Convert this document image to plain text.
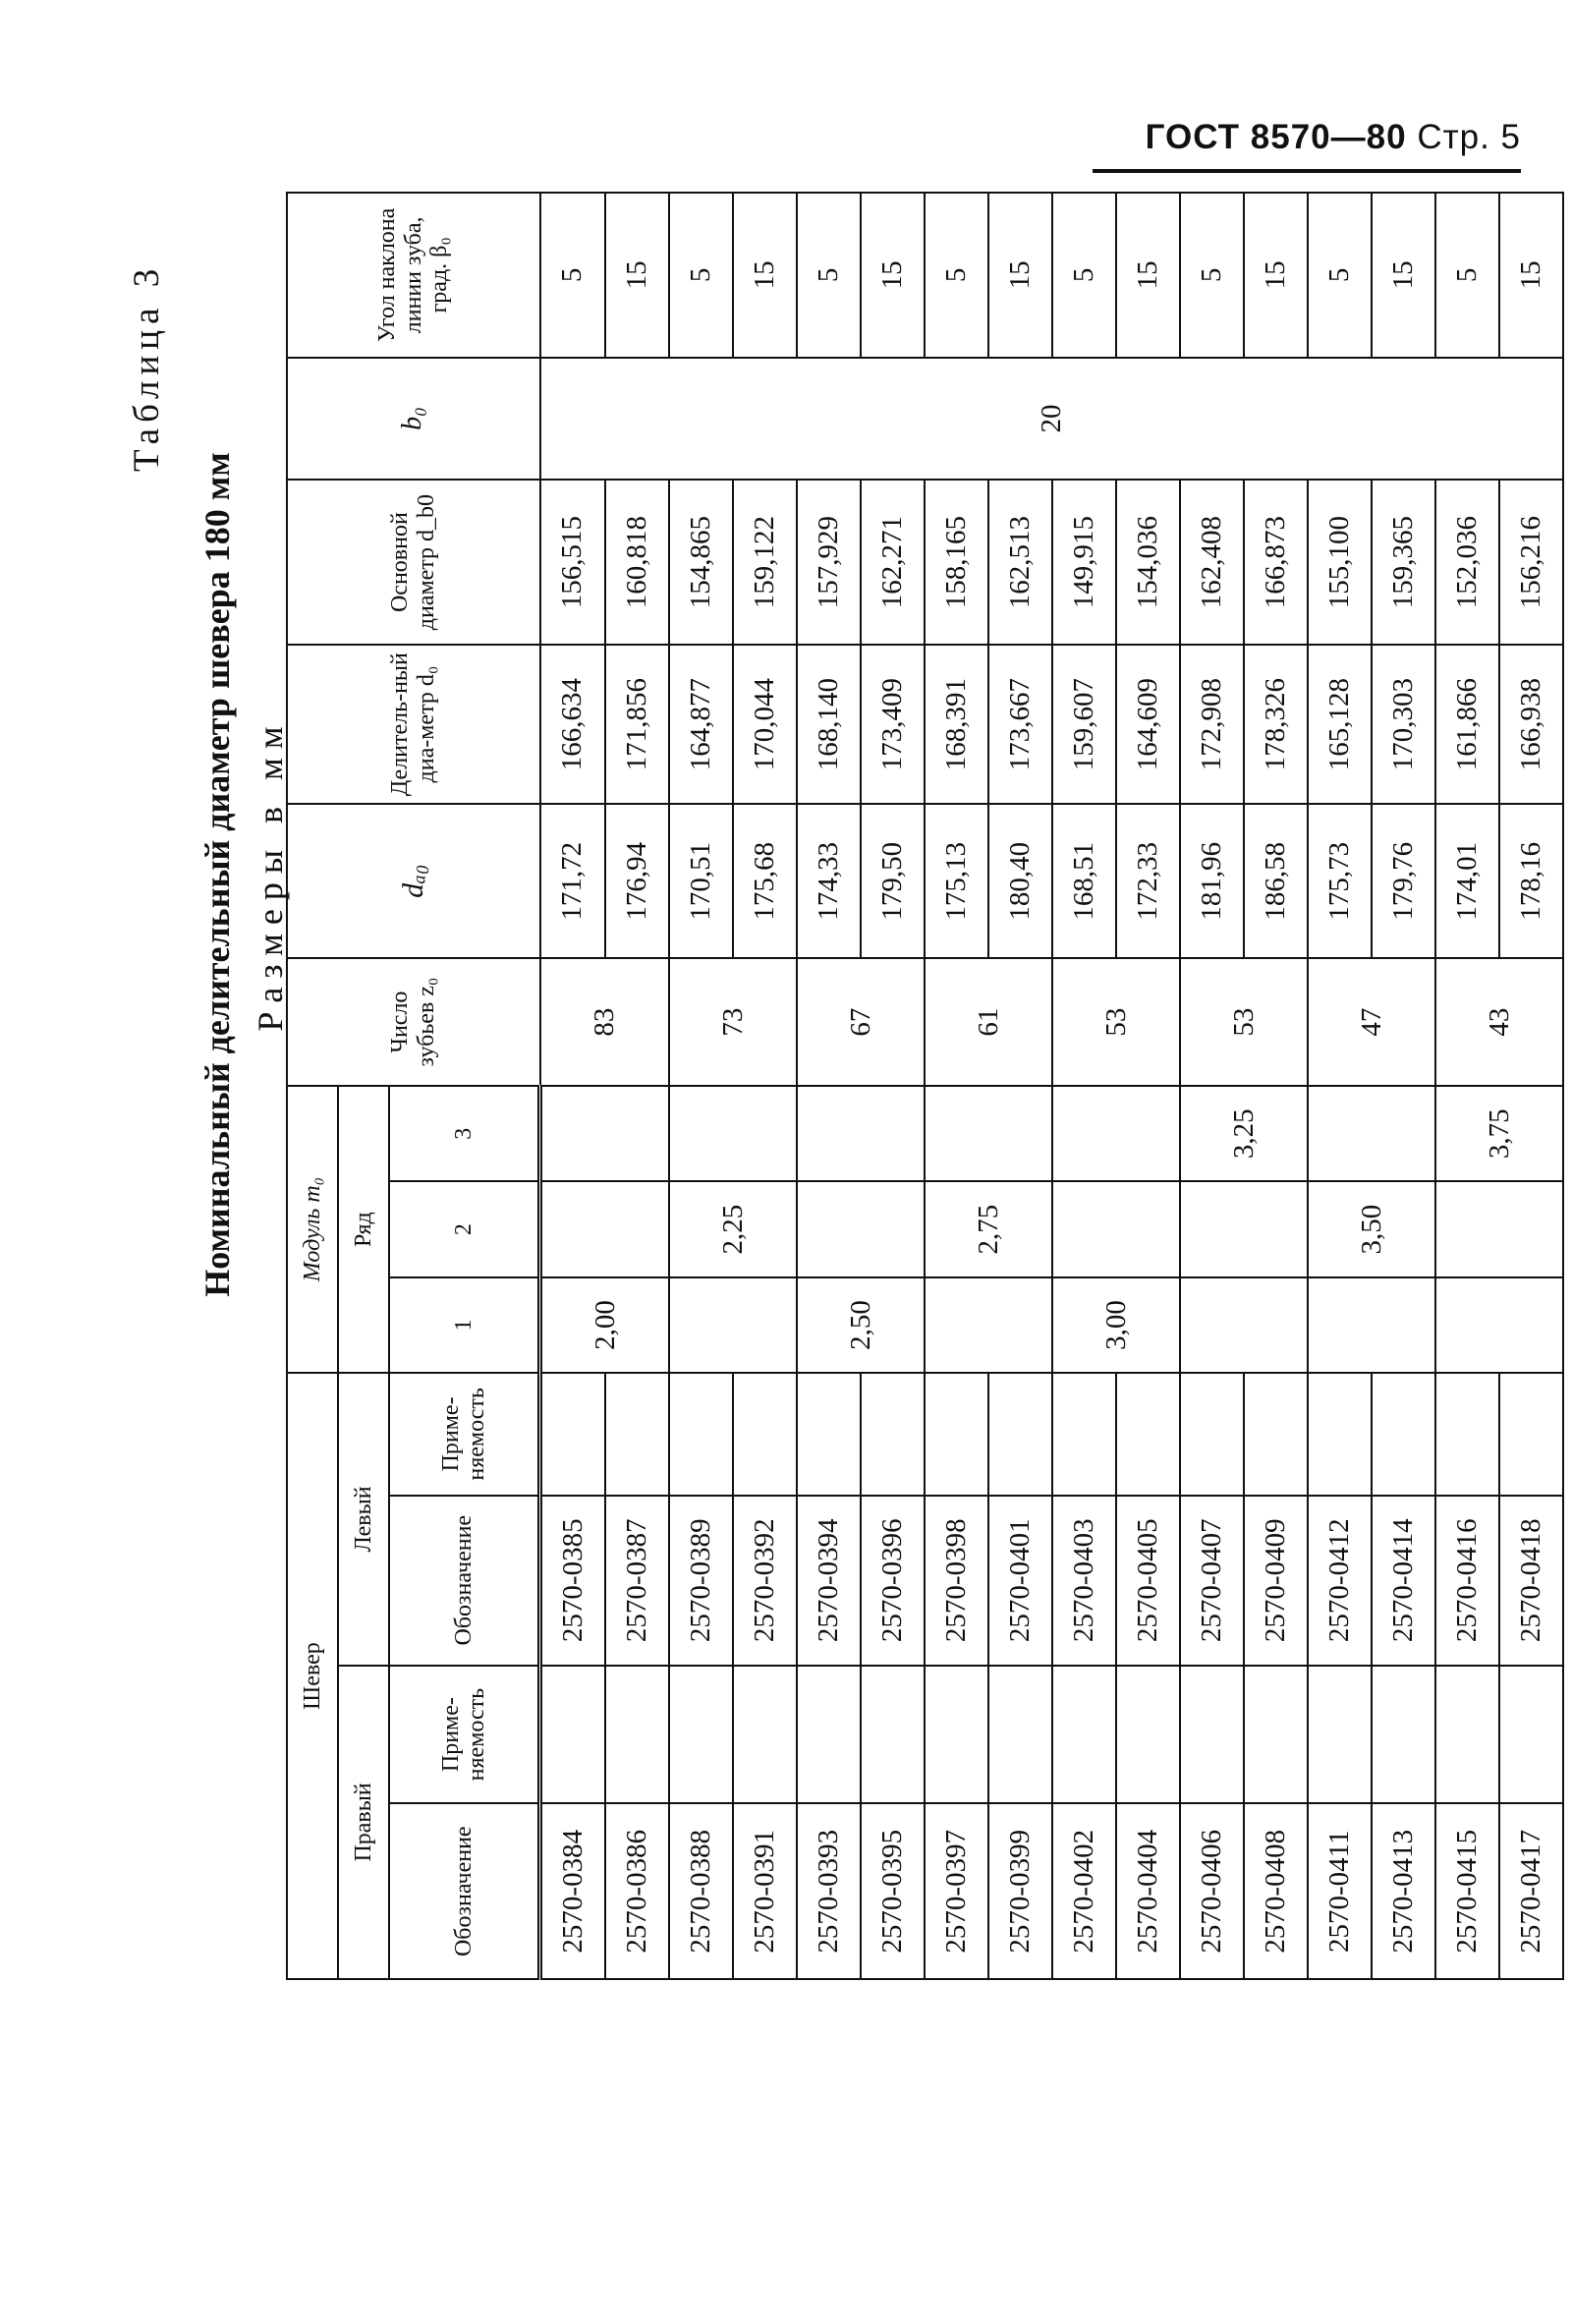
ГОСТ 8570—80 Стр. 5
Таблица 3
Номинальный делительный диаметр шевера 180 мм Размеры в мм
Шевер				Модуль m₀			Число зубьев z₀	dₐ₀	Делитель-ный диа-метр d₀	Основной диаметр d_b0	b₀	Угол наклона линии зуба, град. β₀
Правый		Левый		Ряд								
Обозначение	Приме-няемость	Обозначение	Приме-няемость	1	2	3						
2570-0384		2570-0385		2,00			83	171,72	166,634	156,515	20	5
2570-0386		2570-0387						176,94	171,856	160,818		15
2570-0388		2570-0389			2,25		73	170,51	164,877	154,865		5
2570-0391		2570-0392						175,68	170,044	159,122		15
2570-0393		2570-0394		2,50			67	174,33	168,140	157,929		5
2570-0395		2570-0396						179,50	173,409	162,271		15
2570-0397		2570-0398			2,75		61	175,13	168,391	158,165		5
2570-0399		2570-0401						180,40	173,667	162,513		15
2570-0402		2570-0403		3,00			53	168,51	159,607	149,915		5
2570-0404		2570-0405						172,33	164,609	154,036		15
2570-0406		2570-0407				3,25	53	181,96	172,908	162,408		5
2570-0408		2570-0409						186,58	178,326	166,873		15
2570-0411		2570-0412			3,50		47	175,73	165,128	155,100		5
2570-0413		2570-0414						179,76	170,303	159,365		15
2570-0415		2570-0416				3,75	43	174,01	161,866	152,036		5
2570-0417		2570-0418						178,16	166,938	156,216		15
